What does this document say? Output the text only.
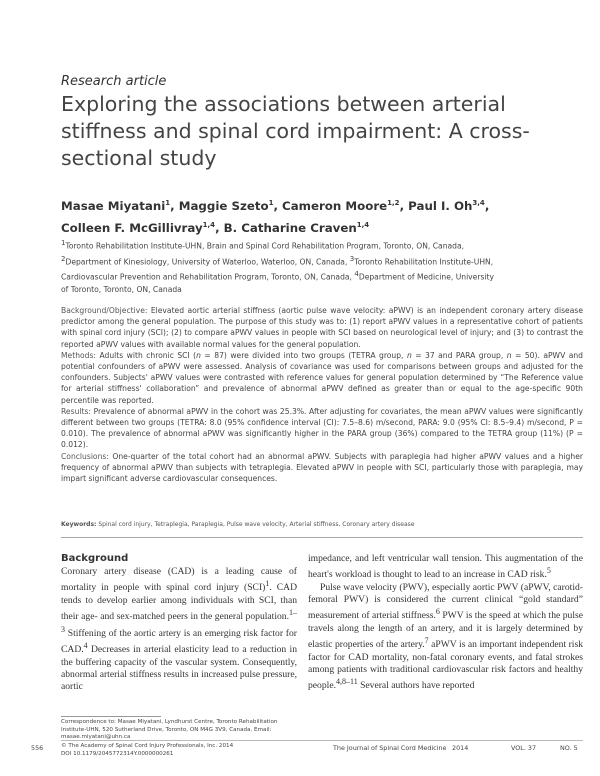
Research article
Exploring the associations between arterial stiffness and spinal cord impairment: A cross-sectional study
Masae Miyatani$^1$, Maggie Szeto$^1$, Cameron Moore$^{1,2}$, Paul I. Oh$^{3,4}$,
Colleen F. McGillivray$^{1,4}$, B. Catharine Craven$^{1,4}$
$^1$Toronto Rehabilitation Institute-UHN, Brain and Spinal Cord Rehabilitation Program, Toronto, ON, Canada,
$^2$Department of Kinesiology, University of Waterloo, Waterloo, ON, Canada, $^3$Toronto Rehabilitation Institute-UHN,
Cardiovascular Prevention and Rehabilitation Program, Toronto, ON, Canada, $^4$Department of Medicine, University
of Toronto, Toronto, ON, Canada

Background/Objective: Elevated aortic arterial stiffness (aortic pulse wave velocity: aPWV) is an independent coronary artery disease predictor among the general population. The purpose of this study was to: (1) report aPWV values in a representative cohort of patients with spinal cord injury (SCI); (2) to compare aPWV values in people with SCI based on neurological level of injury; and (3) to contrast the reported aPWV values with available normal values for the general population.

Methods: Adults with chronic SCI (n = 87) were divided into two groups (TETRA group, n = 37 and PARA group, n = 50). aPWV and potential confounders of aPWV were assessed. Analysis of covariance was used for comparisons between groups and adjusted for the confounders. Subjects' aPWV values were contrasted with reference values for general population determined by “The Reference value for arterial stiffness' collaboration” and prevalence of abnormal aPWV defined as greater than or equal to the age-specific 90th percentile was reported.

Results: Prevalence of abnormal aPWV in the cohort was 25.3%. After adjusting for covariates, the mean aPWV values were significantly different between two groups (TETRA: 8.0 (95% confidence interval (CI): 7.5–8.6) m/second, PARA: 9.0 (95% CI: 8.5–9.4) m/second, P = 0.010). The prevalence of abnormal aPWV was significantly higher in the PARA group (36%) compared to the TETRA group (11%) (P = 0.012).

Conclusions: One-quarter of the total cohort had an abnormal aPWV. Subjects with paraplegia had higher aPWV values and a higher frequency of abnormal aPWV than subjects with tetraplegia. Elevated aPWV in people with SCI, particularly those with paraplegia, may impart significant adverse cardiovascular consequences.

Keywords: Spinal cord injury, Tetraplegia, Paraplegia, Pulse wave velocity, Arterial stiffness, Coronary artery disease
Background

Coronary artery disease (CAD) is a leading cause of mortality in people with spinal cord injury (SCI)$^1$. CAD tends to develop earlier among individuals with SCI, than their age- and sex-matched peers in the general population.$^{1-3}$ Stiffening of the aortic artery is an emerging risk factor for CAD.$^4$ Decreases in arterial elasticity lead to a reduction in the buffering capacity of the vascular system. Consequently, abnormal arterial stiffness results in increased pulse pressure, aortic

impedance, and left ventricular wall tension. This augmentation of the heart's workload is thought to lead to an increase in CAD risk.$^5$

Pulse wave velocity (PWV), especially aortic PWV (aPWV, carotid-femoral PWV) is considered the current clinical “gold standard” measurement of arterial stiffness.$^6$ PWV is the speed at which the pulse travels along the length of an artery, and it is largely determined by elastic properties of the artery.$^7$ aPWV is an important independent risk factor for CAD mortality, non-fatal coronary events, and fatal strokes among patients with traditional cardiovascular risk factors and healthy people.$^{4,8-11}$ Several authors have reported

Correspondence to: Masae Miyatani, Lyndhurst Centre, Toronto Rehabilitation Institute-UHN, 520 Sutherland Drive, Toronto, ON M4G 3V9, Canada. Email: masae.miyatani@uhn.ca
556	© The Academy of Spinal Cord Injury Professionals, Inc. 2014
DOI 10.1179/2045772314Y.0000000261
The Journal of Spinal Cord Medicine 2014	VOL. 37	NO. 5
